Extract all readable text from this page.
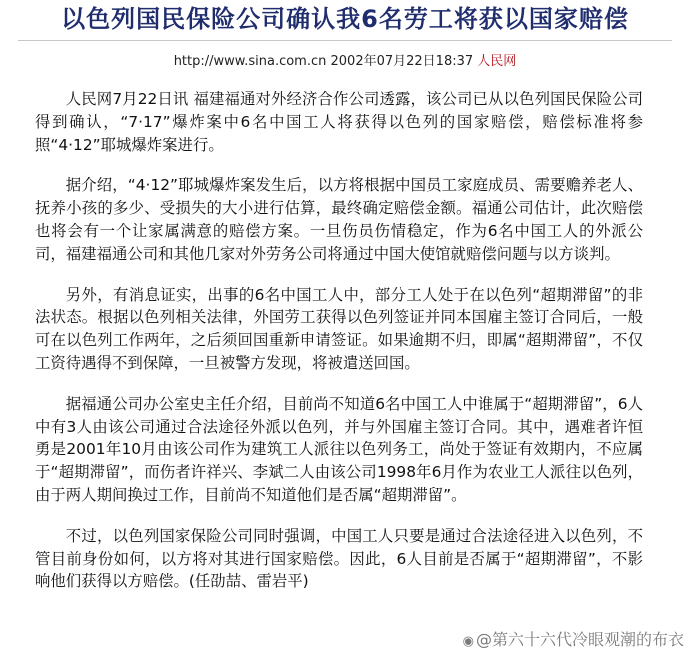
以色列国民保险公司确认我6名劳工将获以国家赔偿
http://www.sina.com.cn 2002年07月22日18:37 人民网

人民网7月22日讯 福建福通对外经济合作公司透露，该公司已从以色列国民保险公司得到确认，“7·17”爆炸案中6名中国工人将获得以色列的国家赔偿，赔偿标准将参照“4·12”耶城爆炸案进行。

据介绍，“4·12”耶城爆炸案发生后，以方将根据中国员工家庭成员、需要赡养老人、抚养小孩的多少、受损失的大小进行估算，最终确定赔偿金额。福通公司估计，此次赔偿也将会有一个让家属满意的赔偿方案。一旦伤员伤情稳定，作为6名中国工人的外派公司，福建福通公司和其他几家对外劳务公司将通过中国大使馆就赔偿问题与以方谈判。

另外，有消息证实，出事的6名中国工人中，部分工人处于在以色列“超期滞留”的非法状态。根据以色列相关法律，外国劳工获得以色列签证并同本国雇主签订合同后，一般可在以色列工作两年，之后须回国重新申请签证。如果逾期不归，即属“超期滞留”，不仅工资待遇得不到保障，一旦被警方发现，将被遣送回国。

据福通公司办公室史主任介绍，目前尚不知道6名中国工人中谁属于“超期滞留”，6人中有3人由该公司通过合法途径外派以色列，并与外国雇主签订合同。其中，遇难者许恒勇是2001年10月由该公司作为建筑工人派往以色列务工，尚处于签证有效期内，不应属于“超期滞留”，而伤者许祥兴、李斌二人由该公司1998年6月作为农业工人派往以色列，由于两人期间换过工作，目前尚不知道他们是否属“超期滞留”。

不过，以色列国家保险公司同时强调，中国工人只要是通过合法途径进入以色列，不管目前身份如何，以方将对其进行国家赔偿。因此，6人目前是否属于“超期滞留”，不影响他们获得以方赔偿。(任劭喆、雷岩平)

◉ @第六十六代冷眼观潮的布衣
